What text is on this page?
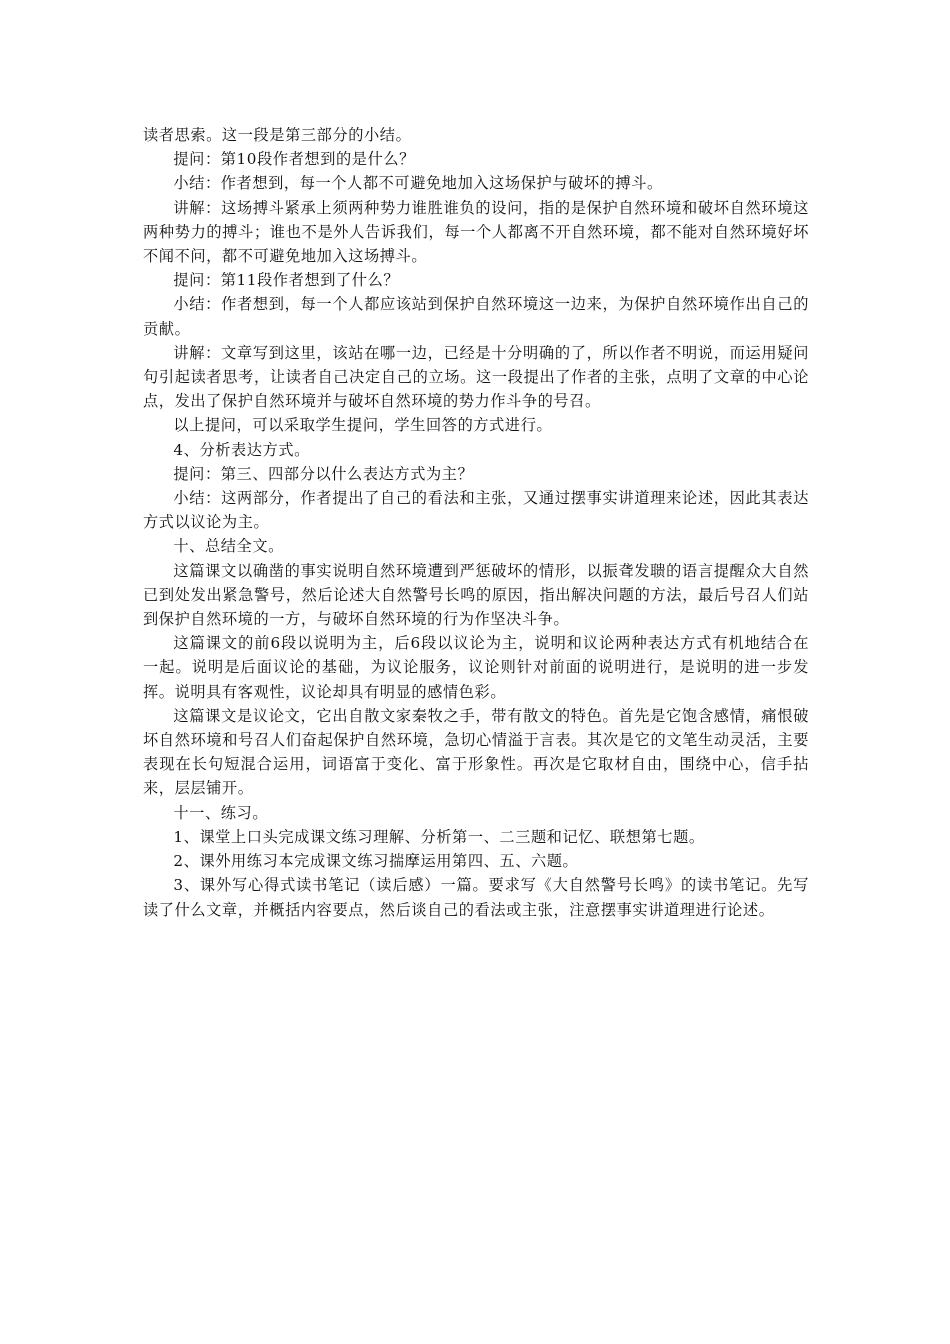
读者思索。这一段是第三部分的小结。

提问：第10段作者想到的是什么？

小结：作者想到，每一个人都不可避免地加入这场保护与破坏的搏斗。

讲解：这场搏斗紧承上须两种势力谁胜谁负的设问，指的是保护自然环境和破坏自然环境这两种势力的搏斗；谁也不是外人告诉我们，每一个人都离不开自然环境，都不能对自然环境好坏不闻不问，都不可避免地加入这场搏斗。

提问：第11段作者想到了什么？

小结：作者想到，每一个人都应该站到保护自然环境这一边来，为保护自然环境作出自己的贡献。

讲解：文章写到这里，该站在哪一边，已经是十分明确的了，所以作者不明说，而运用疑问句引起读者思考，让读者自己决定自己的立场。这一段提出了作者的主张，点明了文章的中心论点，发出了保护自然环境并与破坏自然环境的势力作斗争的号召。

以上提问，可以采取学生提问，学生回答的方式进行。

4、分析表达方式。

提问：第三、四部分以什么表达方式为主？

小结：这两部分，作者提出了自己的看法和主张，又通过摆事实讲道理来论述，因此其表达方式以议论为主。

十、总结全文。

这篇课文以确凿的事实说明自然环境遭到严惩破坏的情形，以振聋发聩的语言提醒众大自然已到处发出紧急警号，然后论述大自然警号长鸣的原因，指出解决问题的方法，最后号召人们站到保护自然环境的一方，与破坏自然环境的行为作坚决斗争。

这篇课文的前6段以说明为主，后6段以议论为主，说明和议论两种表达方式有机地结合在一起。说明是后面议论的基础，为议论服务，议论则针对前面的说明进行，是说明的进一步发挥。说明具有客观性，议论却具有明显的感情色彩。

这篇课文是议论文，它出自散文家秦牧之手，带有散文的特色。首先是它饱含感情，痛恨破坏自然环境和号召人们奋起保护自然环境，急切心情溢于言表。其次是它的文笔生动灵活，主要表现在长句短混合运用，词语富于变化、富于形象性。再次是它取材自由，围绕中心，信手拈来，层层铺开。

十一、练习。

1、课堂上口头完成课文练习理解、分析第一、二三题和记忆、联想第七题。

2、课外用练习本完成课文练习揣摩运用第四、五、六题。

3、课外写心得式读书笔记（读后感）一篇。要求写《大自然警号长鸣》的读书笔记。先写读了什么文章，并概括内容要点，然后谈自己的看法或主张，注意摆事实讲道理进行论述。
